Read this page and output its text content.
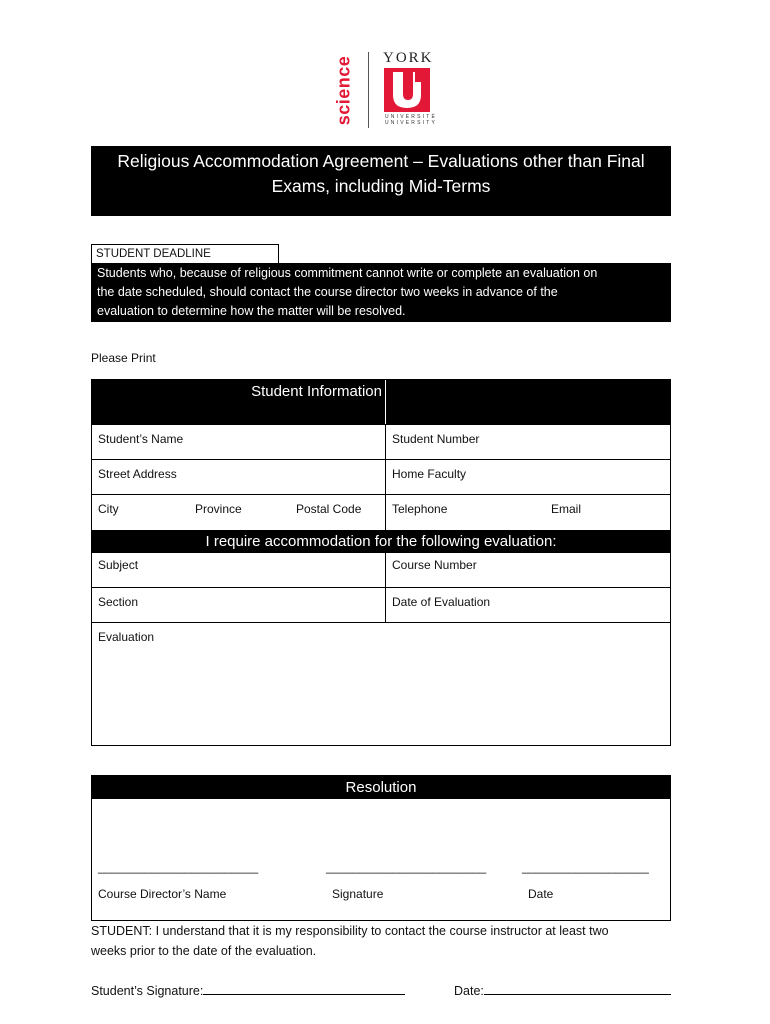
science YORK
UNIVERSITÉ
UNIVERSITY
Religious Accommodation Agreement – Evaluations other than Final
Exams, including Mid-Terms
STUDENT DEADLINE
Students who, because of religious commitment cannot write or complete an evaluation on
the date scheduled, should contact the course director two weeks in advance of the
evaluation to determine how the matter will be resolved.
Please Print
Student Information
Student’s Name	Student Number
Street Address	Home Faculty
City	Province	Postal Code	Telephone	Email
I require accommodation for the following evaluation:
Subject	Course Number
Section	Date of Evaluation
Evaluation
Resolution
________________________	________________________	___________________
Course Director’s Name	Signature	Date
STUDENT: I understand that it is my responsibility to contact the course instructor at least two
weeks prior to the date of the evaluation.
Student’s Signature:	Date:
